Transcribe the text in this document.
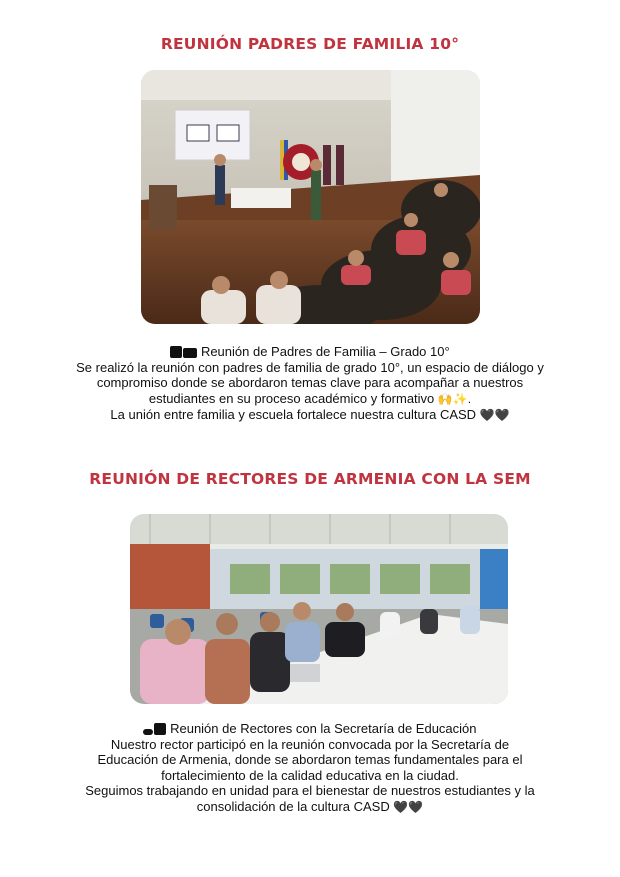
REUNIÓN PADRES DE FAMILIA 10°

Reunión de Padres de Familia – Grado 10°

Se realizó la reunión con padres de familia de grado 10°, un espacio de diálogo y

compromiso donde se abordaron temas clave para acompañar a nuestros

estudiantes en su proceso académico y formativo 🙌✨.

La unión entre familia y escuela fortalece nuestra cultura CASD 🖤🖤

REUNIÓN DE RECTORES DE ARMENIA CON LA SEM

Reunión de Rectores con la Secretaría de Educación

Nuestro rector participó en la reunión convocada por la Secretaría de

Educación de Armenia, donde se abordaron temas fundamentales para el

fortalecimiento de la calidad educativa en la ciudad.

Seguimos trabajando en unidad para el bienestar de nuestros estudiantes y la

consolidación de la cultura CASD 🖤🖤
